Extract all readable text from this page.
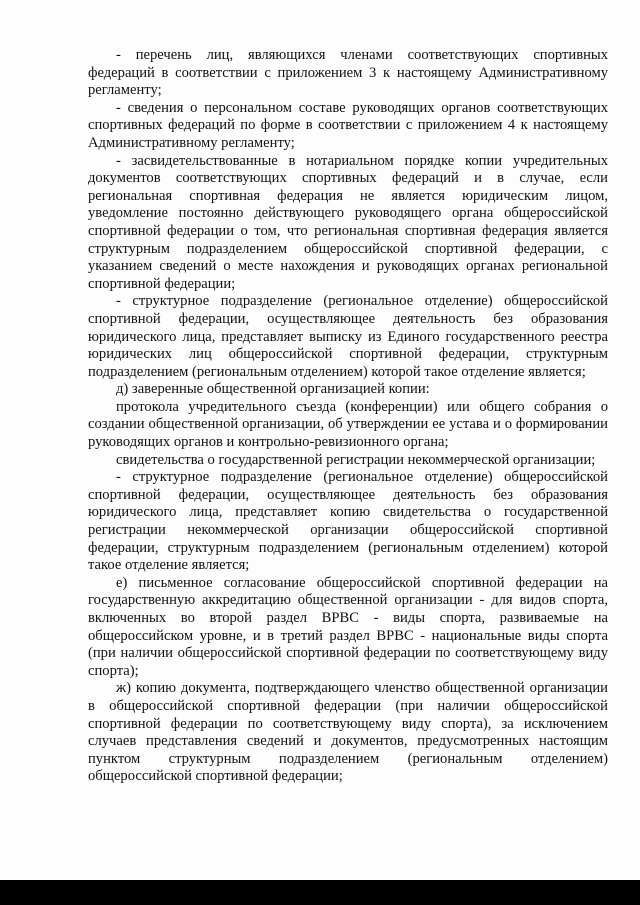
- перечень лиц, являющихся членами соответствующих спортивных федераций в соответствии с приложением 3 к настоящему Административному регламенту;

- сведения о персональном составе руководящих органов соответствующих спортивных федераций по форме в соответствии с приложением 4 к настоящему Административному регламенту;

- засвидетельствованные в нотариальном порядке копии учредительных документов соответствующих спортивных федераций и в случае, если региональная спортивная федерация не является юридическим лицом, уведомление постоянно действующего руководящего органа общероссийской спортивной федерации о том, что региональная спортивная федерация является структурным подразделением общероссийской спортивной федерации, с указанием сведений о месте нахождения и руководящих органах региональной спортивной федерации;

- структурное подразделение (региональное отделение) общероссийской спортивной федерации, осуществляющее деятельность без образования юридического лица, представляет выписку из Единого государственного реестра юридических лиц общероссийской спортивной федерации, структурным подразделением (региональным отделением) которой такое отделение является;

д) заверенные общественной организацией копии:

протокола учредительного съезда (конференции) или общего собрания о создании общественной организации, об утверждении ее устава и о формировании руководящих органов и контрольно-ревизионного органа;

свидетельства о государственной регистрации некоммерческой организации;

- структурное подразделение (региональное отделение) общероссийской спортивной федерации, осуществляющее деятельность без образования юридического лица, представляет копию свидетельства о государственной регистрации некоммерческой организации общероссийской спортивной федерации, структурным подразделением (региональным отделением) которой такое отделение является;

е) письменное согласование общероссийской спортивной федерации на государственную аккредитацию общественной организации - для видов спорта, включенных во второй раздел ВРВС - виды спорта, развиваемые на общероссийском уровне, и в третий раздел ВРВС - национальные виды спорта (при наличии общероссийской спортивной федерации по соответствующему виду спорта);

ж) копию документа, подтверждающего членство общественной организации в общероссийской спортивной федерации (при наличии общероссийской спортивной федерации по соответствующему виду спорта), за исключением случаев представления сведений и документов, предусмотренных настоящим пунктом структурным подразделением (региональным отделением) общероссийской спортивной федерации;
